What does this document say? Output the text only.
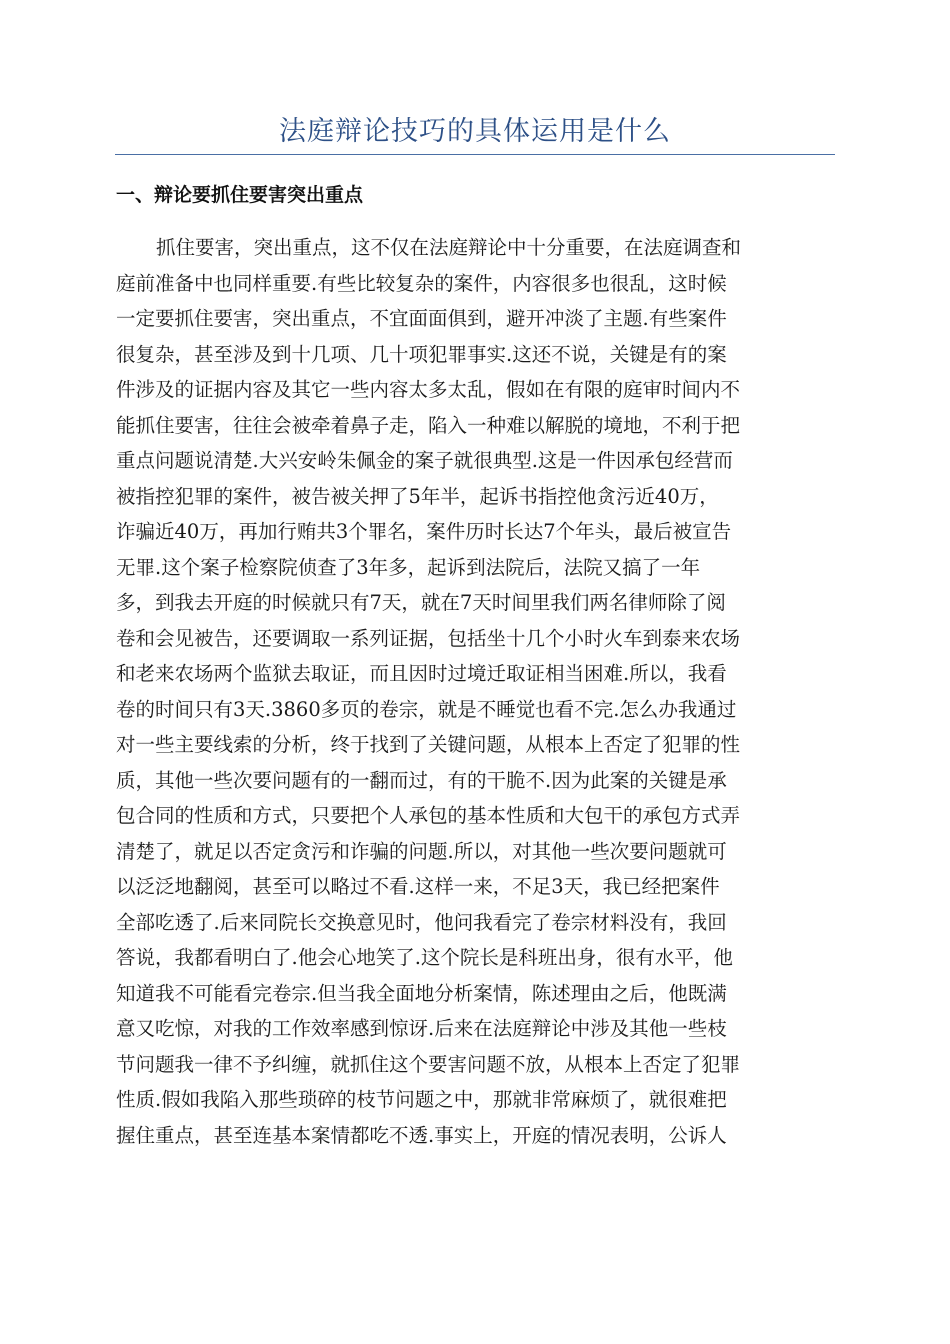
法庭辩论技巧的具体运用是什么
一、辩论要抓住要害突出重点
抓住要害，突出重点，这不仅在法庭辩论中十分重要，在法庭调查和
庭前准备中也同样重要.有些比较复杂的案件，内容很多也很乱，这时候
一定要抓住要害，突出重点，不宜面面俱到，避开冲淡了主题.有些案件
很复杂，甚至涉及到十几项、几十项犯罪事实.这还不说，关键是有的案
件涉及的证据内容及其它一些内容太多太乱，假如在有限的庭审时间内不
能抓住要害，往往会被牵着鼻子走，陷入一种难以解脱的境地，不利于把
重点问题说清楚.大兴安岭朱佩金的案子就很典型.这是一件因承包经营而
被指控犯罪的案件，被告被关押了5年半，起诉书指控他贪污近40万，
诈骗近40万，再加行贿共3个罪名，案件历时长达7个年头，最后被宣告
无罪.这个案子检察院侦查了3年多，起诉到法院后，法院又搞了一年
多，到我去开庭的时候就只有7天，就在7天时间里我们两名律师除了阅
卷和会见被告，还要调取一系列证据，包括坐十几个小时火车到泰来农场
和老来农场两个监狱去取证，而且因时过境迁取证相当困难.所以，我看
卷的时间只有3天.3860多页的卷宗，就是不睡觉也看不完.怎么办我通过
对一些主要线索的分析，终于找到了关键问题，从根本上否定了犯罪的性
质，其他一些次要问题有的一翻而过，有的干脆不.因为此案的关键是承
包合同的性质和方式，只要把个人承包的基本性质和大包干的承包方式弄
清楚了，就足以否定贪污和诈骗的问题.所以，对其他一些次要问题就可
以泛泛地翻阅，甚至可以略过不看.这样一来，不足3天，我已经把案件
全部吃透了.后来同院长交换意见时，他问我看完了卷宗材料没有，我回
答说，我都看明白了.他会心地笑了.这个院长是科班出身，很有水平，他
知道我不可能看完卷宗.但当我全面地分析案情，陈述理由之后，他既满
意又吃惊，对我的工作效率感到惊讶.后来在法庭辩论中涉及其他一些枝
节问题我一律不予纠缠，就抓住这个要害问题不放，从根本上否定了犯罪
性质.假如我陷入那些琐碎的枝节问题之中，那就非常麻烦了，就很难把
握住重点，甚至连基本案情都吃不透.事实上，开庭的情况表明，公诉人
